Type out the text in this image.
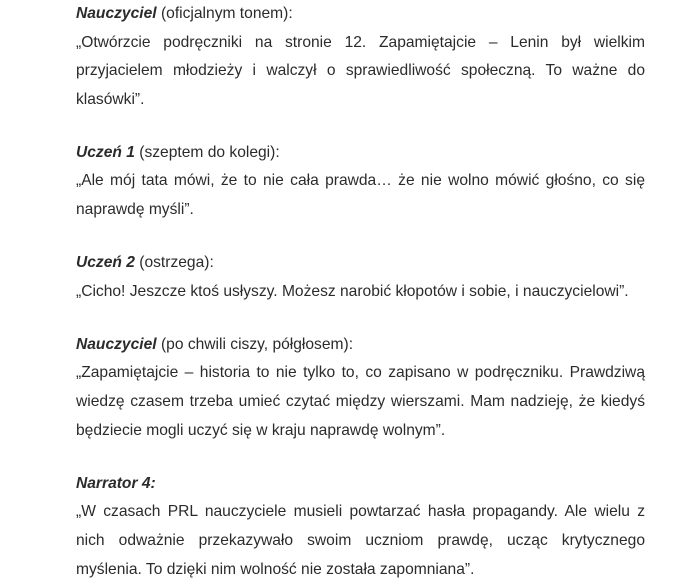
Nauczyciel (oficjalnym tonem):
„Otwórzcie podręczniki na stronie 12. Zapamiętajcie – Lenin był wielkim przyjacielem młodzieży i walczył o sprawiedliwość społeczną. To ważne do klasówki”.
Uczeń 1 (szeptem do kolegi):
„Ale mój tata mówi, że to nie cała prawda… że nie wolno mówić głośno, co się naprawdę myśli”.
Uczeń 2 (ostrzega):
„Cicho! Jeszcze ktoś usłyszy. Możesz narobić kłopotów i sobie, i nauczycielowi”.
Nauczyciel (po chwili ciszy, półgłosem):
„Zapamiętajcie – historia to nie tylko to, co zapisano w podręczniku. Prawdziwą wiedzę czasem trzeba umieć czytać między wierszami. Mam nadzieję, że kiedyś będziecie mogli uczyć się w kraju naprawdę wolnym”.
Narrator 4:
„W czasach PRL nauczyciele musieli powtarzać hasła propagandy. Ale wielu z nich odważnie przekazywało swoim uczniom prawdę, ucząc krytycznego myślenia. To dzięki nim wolność nie została zapomniana”.
